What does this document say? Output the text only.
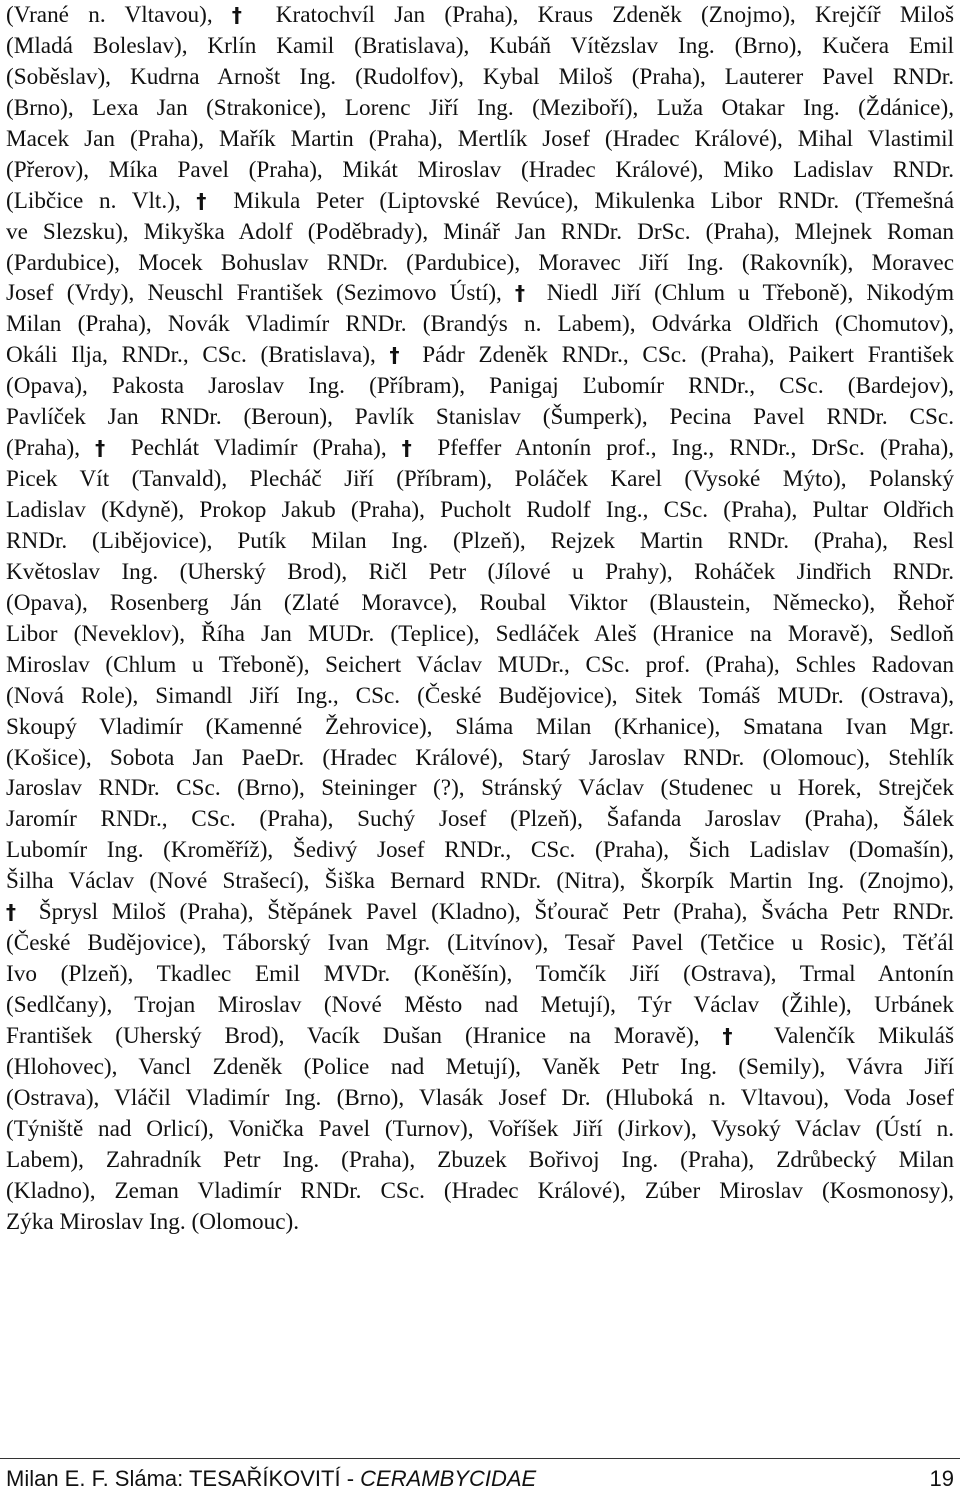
(Vrané n. Vltavou), † Kratochvíl Jan (Praha), Kraus Zdeněk (Znojmo), Krejčíř Miloš
(Mladá Boleslav), Krlín Kamil (Bratislava), Kubáň Vítězslav Ing. (Brno), Kučera Emil
(Soběslav), Kudrna Arnošt Ing. (Rudolfov), Kybal Miloš (Praha), Lauterer Pavel RNDr.
(Brno), Lexa Jan (Strakonice), Lorenc Jiří Ing. (Meziboří), Luža Otakar Ing. (Ždánice),
Macek Jan (Praha), Mařík Martin (Praha), Mertlík Josef (Hradec Králové), Mihal Vlastimil
(Přerov), Míka Pavel (Praha), Mikát Miroslav (Hradec Králové), Miko Ladislav RNDr.
(Libčice n. Vlt.), † Mikula Peter (Liptovské Revúce), Mikulenka Libor RNDr. (Třemešná
ve Slezsku), Mikyška Adolf (Poděbrady), Minář Jan RNDr. DrSc. (Praha), Mlejnek Roman
(Pardubice), Mocek Bohuslav RNDr. (Pardubice), Moravec Jiří Ing. (Rakovník), Moravec
Josef (Vrdy), Neuschl František (Sezimovo Ústí), † Niedl Jiří (Chlum u Třeboně), Nikodým
Milan (Praha), Novák Vladimír RNDr. (Brandýs n. Labem), Odvárka Oldřich (Chomutov),
Okáli Ilja, RNDr., CSc. (Bratislava), † Pádr Zdeněk RNDr., CSc. (Praha), Paikert František
(Opava), Pakosta Jaroslav Ing. (Příbram), Panigaj Ľubomír RNDr., CSc. (Bardejov),
Pavlíček Jan RNDr. (Beroun), Pavlík Stanislav (Šumperk), Pecina Pavel RNDr. CSc.
(Praha), † Pechlát Vladimír (Praha), † Pfeffer Antonín prof., Ing., RNDr., DrSc. (Praha),
Picek Vít (Tanvald), Plecháč Jiří (Příbram), Poláček Karel (Vysoké Mýto), Polanský
Ladislav (Kdyně), Prokop Jakub (Praha), Pucholt Rudolf Ing., CSc. (Praha), Pultar Oldřich
RNDr. (Libějovice), Putík Milan Ing. (Plzeň), Rejzek Martin RNDr. (Praha), Resl
Květoslav Ing. (Uherský Brod), Ričl Petr (Jílové u Prahy), Roháček Jindřich RNDr.
(Opava), Rosenberg Ján (Zlaté Moravce), Roubal Viktor (Blaustein, Německo), Řehoř
Libor (Neveklov), Říha Jan MUDr. (Teplice), Sedláček Aleš (Hranice na Moravě), Sedloň
Miroslav (Chlum u Třeboně), Seichert Václav MUDr., CSc. prof. (Praha), Schles Radovan
(Nová Role), Simandl Jiří Ing., CSc. (České Budějovice), Sitek Tomáš MUDr. (Ostrava),
Skoupý Vladimír (Kamenné Žehrovice), Sláma Milan (Krhanice), Smatana Ivan Mgr.
(Košice), Sobota Jan PaeDr. (Hradec Králové), Starý Jaroslav RNDr. (Olomouc), Stehlík
Jaroslav RNDr. CSc. (Brno), Steininger (?), Stránský Václav (Studenec u Horek, Strejček
Jaromír RNDr., CSc. (Praha), Suchý Josef (Plzeň), Šafanda Jaroslav (Praha), Šálek
Lubomír Ing. (Kroměříž), Šedivý Josef RNDr., CSc. (Praha), Šich Ladislav (Domašín),
Šilha Václav (Nové Strašecí), Šiška Bernard RNDr. (Nitra), Škorpík Martin Ing. (Znojmo),
† Šprysl Miloš (Praha), Štěpánek Pavel (Kladno), Šťourač Petr (Praha), Švácha Petr RNDr.
(České Budějovice), Táborský Ivan Mgr. (Litvínov), Tesař Pavel (Tetčice u Rosic), Těťál
Ivo (Plzeň), Tkadlec Emil MVDr. (Koněšín), Tomčík Jiří (Ostrava), Trmal Antonín
(Sedlčany), Trojan Miroslav (Nové Město nad Metují), Týr Václav (Žihle), Urbánek
František (Uherský Brod), Vacík Dušan (Hranice na Moravě), † Valenčík Mikuláš
(Hlohovec), Vancl Zdeněk (Police nad Metují), Vaněk Petr Ing. (Semily), Vávra Jiří
(Ostrava), Vláčil Vladimír Ing. (Brno), Vlasák Josef Dr. (Hluboká n. Vltavou), Voda Josef
(Týniště nad Orlicí), Vonička Pavel (Turnov), Voříšek Jiří (Jirkov), Vysoký Václav (Ústí n.
Labem), Zahradník Petr Ing. (Praha), Zbuzek Bořivoj Ing. (Praha), Zdrůbecký Milan
(Kladno), Zeman Vladimír RNDr. CSc. (Hradec Králové), Zúber Miroslav (Kosmonosy),
Zýka Miroslav Ing. (Olomouc).
Milan E. F. Sláma: TESAŘÍKOVITÍ - CERAMBYCIDAE	19
